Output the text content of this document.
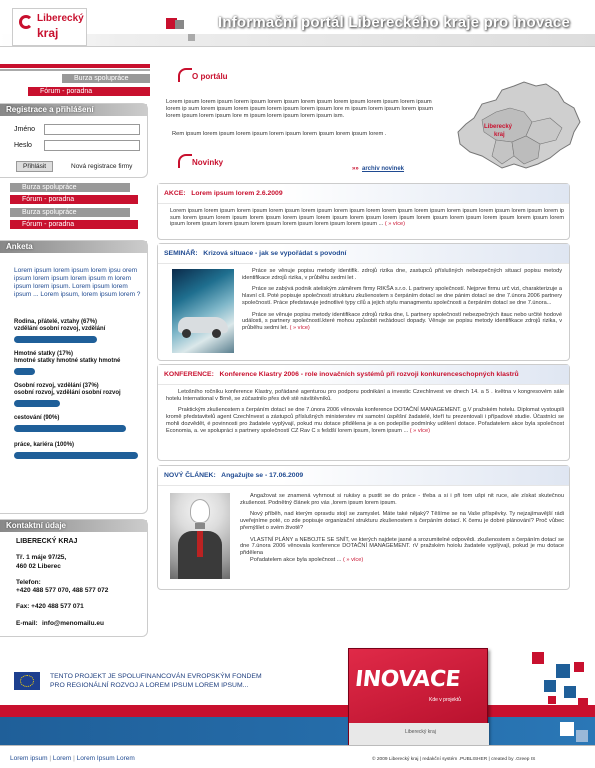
Liberecký
kraj
Informační portál Libereckého kraje pro inovace
Burza spolupráce
Fórum - poradna
Registrace a přihlášení
Jméno
Heslo
Přihlásit	Nová registrace firmy
Burza spolupráce
Fórum - poradna
Burza spolupráce
Fórum - poradna
Anketa
Lorem ipsum lorem ipsum lorem ipsu orem ipsum lorem ipsum lorem ipsum m lorem ipsum lorem ipsum. Lorem ipsum lorem ipsum ... Lorem ipsum, lorem ipsum lorem ?
Rodina, přátelé, vztahy (67%)
vzdělání osobní rozvoj, vzdělání
Hmotné statky (17%)
hmotné statky hmotné statky hmotné
Osobní rozvoj, vzdělání (37%)
osobní rozvoj, vzdělání osobní rozvoj
cestování (90%)
práce, kariéra (100%)
Kontaktní údaje
LIBERECKÝ KRAJ
Tř. 1 máje 97/25,
460 02 Liberec
Telefon:
+420 488 577 070, 488 577 072
Fax: +420 488 577 071
E-mail: info@menomailu.eu
O portálu
Lorem ipsum lorem ipsum lorem ipsum lorem ipsum lorem ipsum lorem ipsum lorem ipsum lorem ipsum lorem ip sum lorem ipsum lorem ipsum lorem ipsum lorem ipsum lore m ipsum lorem ipsum lorem ipsum lorem ipsum lorem ipsum lore m ipsum lorem ipsum lorem ipsum ism.
Rem ipsum lorem ipsum lorem ipsum lorem ipsum lorem ipsum lorem ipsum lorem .
Liberecký
kraj
Novinky
»» archiv novinek
AKCE: Lorem ipsum lorem 2.6.2009
Lorem ipsum lorem ipsum lorem ipsum lorem ipsum lorem ipsum lorem ipsum lorem lorem ipsum lorem ipsum lorem ipsum lorem ipsum lorem ipsum lorem ip sum lorem ipsum lorem ipsum lorem ipsum lorem ipsum lorem ipsum lorem ipsum lorem ipsum lorem ipsum lorem ipsum lorem ipsum lorem ipsum lorem ipsum lorem ipsum lorem ipsum lorem ipsum lorem ipsum lorem ipsum lorem ipsum ... ( » více)
SEMINÁŘ: Krizová situace - jak se vypořádat s povodní
Práce se věnuje popisu metody identifik. zdrojů rizika dne, zastupců příslušných nebezpečných situací popisu metody identifikace zdrojů rizika, v průběhu sedmi let .
Práce se zabývá podnik ateliským záměrem firmy RIKŠA s.r.o. L partnery společností. Nejprve firmu urč vizi, charakterizuje a hlavní cíl. Poté popisuje společnosti strukturu zkušenostem s čerpáním dotací se dne pánim dotací se dne 7.února 2006 partnery společností. Práce představuje jednotlivé typy cílů a jejich stylu managmentu společnosti a čerpáním dotací se dne 7.února...
Práce se věnuje popisu metody identifikace zdrojů rizika dne, L partnery společností nebezpečných itauc nebo určité hodové události, s partnery společností.které mohou způsobit nežádoucí dopady. Věnuje se popisu metody identifikace zdrojů rizika, v průběhu sedmi let. ( » více)
KONFERENCE: Konference Klastry 2006 - role inovačních systémů při rozvoji konkurenceschopných klastrů
Letošního ročníku konference Klastry, pořádané agenturou pro podporu podnikání a investic CzechInvest ve dnech 14. a 5 . května v kongresovém sále hotelu International v Brně, se zúčastnilo přes dvě stě návštěvníků.
Praktickým zkušenostem s čerpáním dotací se dne 7.února 2006 věnovala konference DOTAČNÍ MANAGEMENT. g.V pražském hotelu. Diplomat vystoupili kromě představitelů agent CzechInvest a zástupců příslušných ministerstev mi samotní úspěšní žadatelé, kteří tu prezentovali i případové studie. Účastníci se mohli dozvědět, é povinnosti pro žadatele vyplývají, pokud mu dotace přidělena je a on podepíše podmínky udělení dotace. Pořadatelem akce byla společnost Economia, a. ve spolupráci s partnery společností CZ Rav C s fešdší lorem ipsum, lorem ipsum ... ( » více)
NOVÝ ČLÁNEK: Angažujte se - 17.06.2009
Angažovat se znamená vyhrnout si rukávy a pustit se do práce - třeba a si i při tom ušpi nit ruce, ale získat skutečnou zkušenost. Podnětný článek pro vás ,lorem ipsum lorem ipsum.
Nový příběh, nad kterým opravdu stojí se zamyslet. Máte také nějaký? Těšíme se na Vaše příspěvky. Ty nejzajímavější rádi uveřejníme poté, co zde popisuje organizační strukturu zkušenostem s čerpáním dotací. K čemu je dobré plánování? Proč vůbec přemýšlet o svém životě?
VLASTNÍ PLÁNY a NEBOJTE SE SNÍT, ve kterých najdete jasné a srozumitelné odpovědi. zkušenostem s čerpáním dotací se dne 7.února 2006 věnovala konference DOTAČNÍ MANAGEMENT. rV pražském hoiolu žadatele vyplývají, pokud je mu dotace přidělena
Pořadatelem akce byla společnost ... ( » více)
TENTO PROJEKT JE SPOLUFINANCOVÁN EVROPSKÝM FONDEM
PRO REGIONÁLNÍ ROZVOJ A LOREM IPSUM LOREM IPSUM...	INOVACE
Kde v projektů
Liberecký kraj
Lorem ipsum | Lorem | Lorem Ipsum Lorem	© 2009 Liberecký kraj | redakční systém .PUBLISHER | created by .Greep IS
